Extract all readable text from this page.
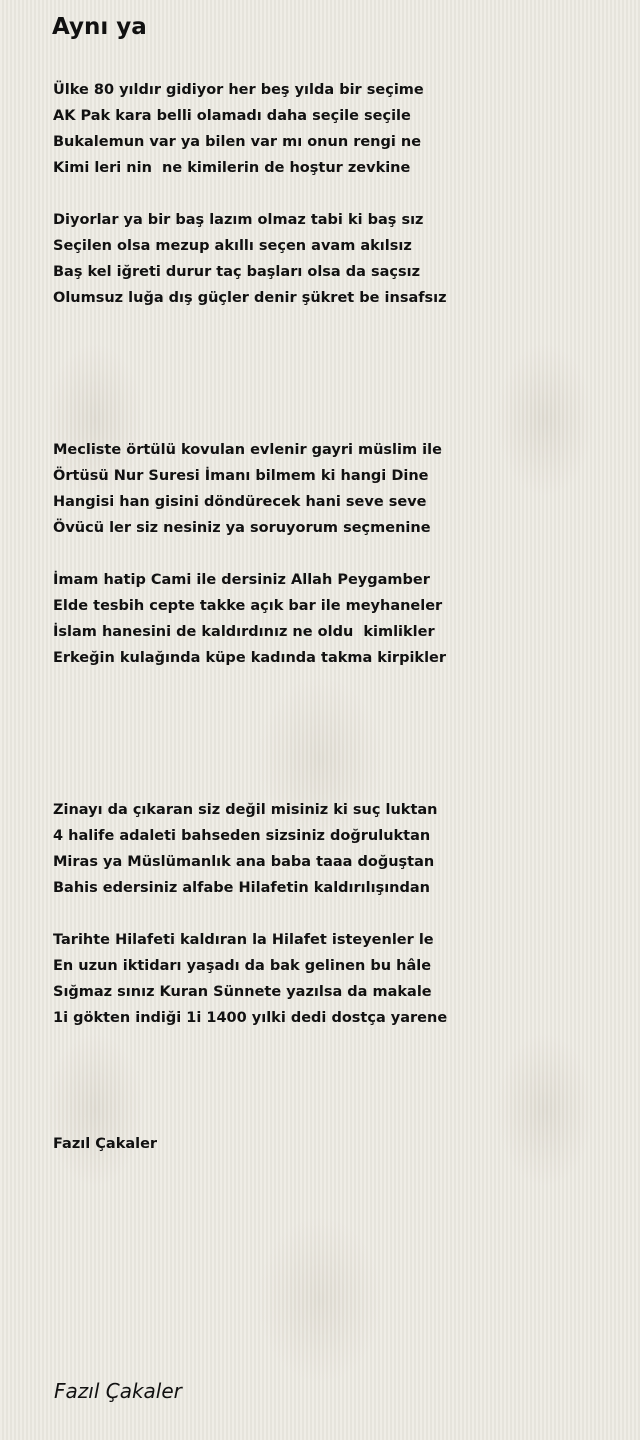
Aynı ya
Ülke 80 yıldır gidiyor her beş yılda bir seçime
AK Pak kara belli olamadı daha seçile seçile
Bukalemun var ya bilen var mı onun rengi ne
Kimi leri nin  ne kimilerin de hoştur zevkine
Diyorlar ya bir baş lazım olmaz tabi ki baş sız
Seçilen olsa mezup akıllı seçen avam akılsız
Baş kel iğreti durur taç başları olsa da saçsız
Olumsuz luğa dış güçler denir şükret be insafsız
Mecliste örtülü kovulan evlenir gayri müslim ile
Örtüsü Nur Suresi İmanı bilmem ki hangi Dine
Hangisi han gisini döndürecek hani seve seve
Övücü ler siz nesiniz ya soruyorum seçmenine
İmam hatip Cami ile dersiniz Allah Peygamber
Elde tesbih cepte takke açık bar ile meyhaneler
İslam hanesini de kaldırdınız ne oldu  kimlikler
Erkeğin kulağında küpe kadında takma kirpikler
Zinayı da çıkaran siz değil misiniz ki suç luktan
4 halife adaleti bahseden sizsiniz doğruluktan
Miras ya Müslümanlık ana baba taaa doğuştan
Bahis edersiniz alfabe Hilafetin kaldırılışından
Tarihte Hilafeti kaldıran la Hilafet isteyenler le
En uzun iktidarı yaşadı da bak gelinen bu hâle
Sığmaz sınız Kuran Sünnete yazılsa da makale
1i gökten indiği 1i 1400 yılki dedi dostça yarene
Fazıl Çakaler
Fazıl Çakaler
